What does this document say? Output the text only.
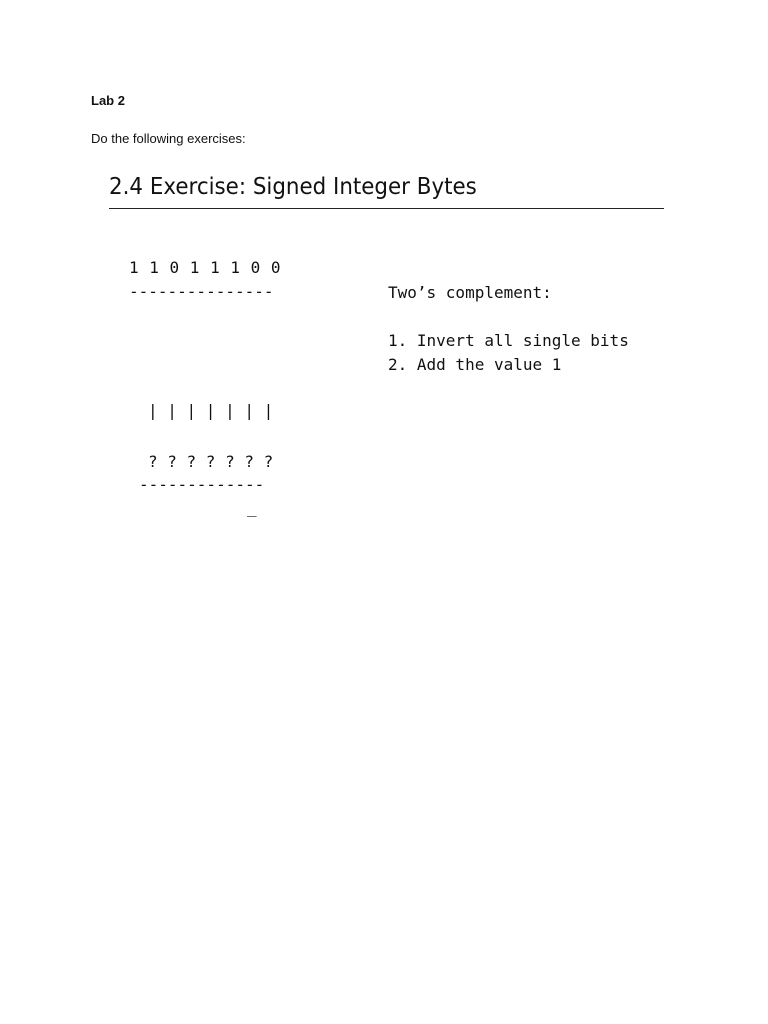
Lab 2
Do the following exercises:
2.4 Exercise: Signed Integer Bytes
1 1 0 1 1 1 0 0
---------------	Two’s complement:
1. Invert all single bits
2. Add the value 1
| | | | | | |
? ? ? ? ? ? ?
-------------
_
